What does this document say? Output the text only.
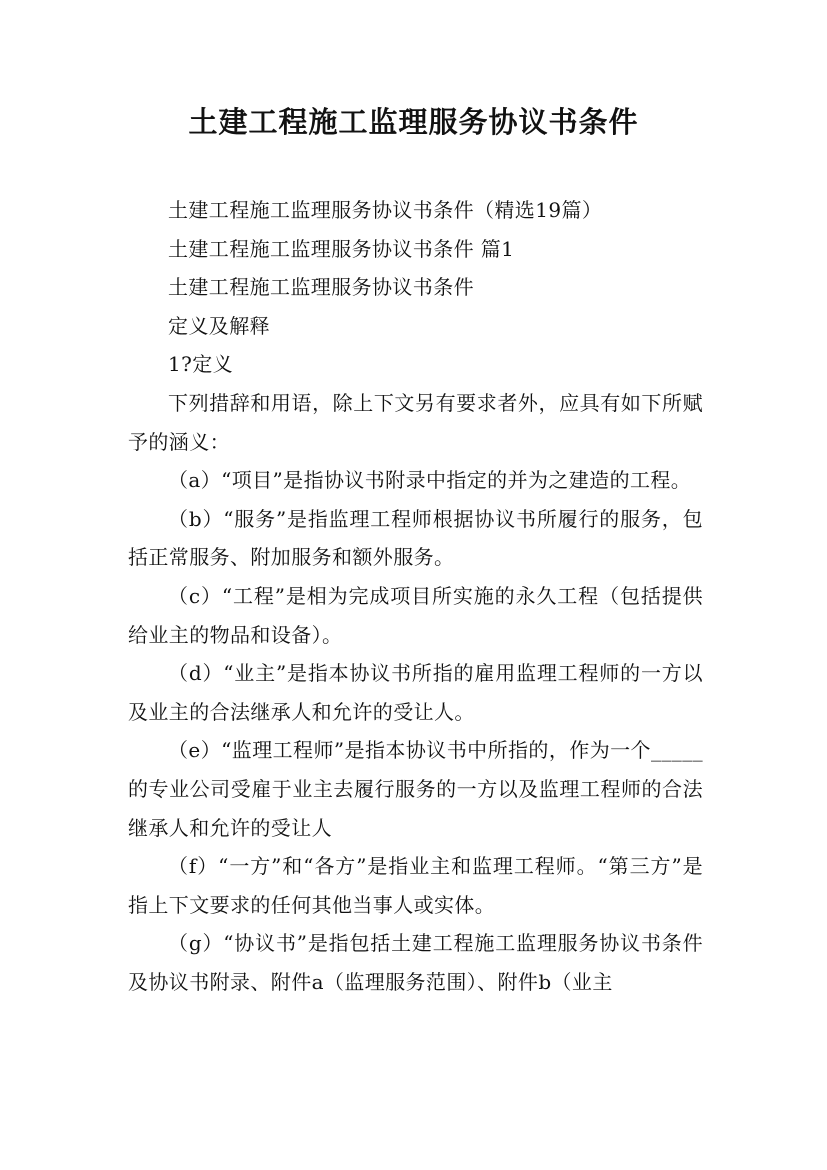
土建工程施工监理服务协议书条件

土建工程施工监理服务协议书条件（精选19篇）

土建工程施工监理服务协议书条件 篇1

土建工程施工监理服务协议书条件

定义及解释

1?定义

下列措辞和用语，除上下文另有要求者外，应具有如下所赋予的涵义：

（a）“项目”是指协议书附录中指定的并为之建造的工程。

（b）“服务”是指监理工程师根据协议书所履行的服务，包括正常服务、附加服务和额外服务。

（c）“工程”是相为完成项目所实施的永久工程（包括提供给业主的物品和设备）。

（d）“业主”是指本协议书所指的雇用监理工程师的一方以及业主的合法继承人和允许的受让人。

（e）“监理工程师”是指本协议书中所指的，作为一个_____的专业公司受雇于业主去履行服务的一方以及监理工程师的合法继承人和允许的受让人

（f）“一方”和“各方”是指业主和监理工程师。“第三方”是指上下文要求的任何其他当事人或实体。

（g）“协议书”是指包括土建工程施工监理服务协议书条件及协议书附录、附件a（监理服务范围）、附件b（业主
